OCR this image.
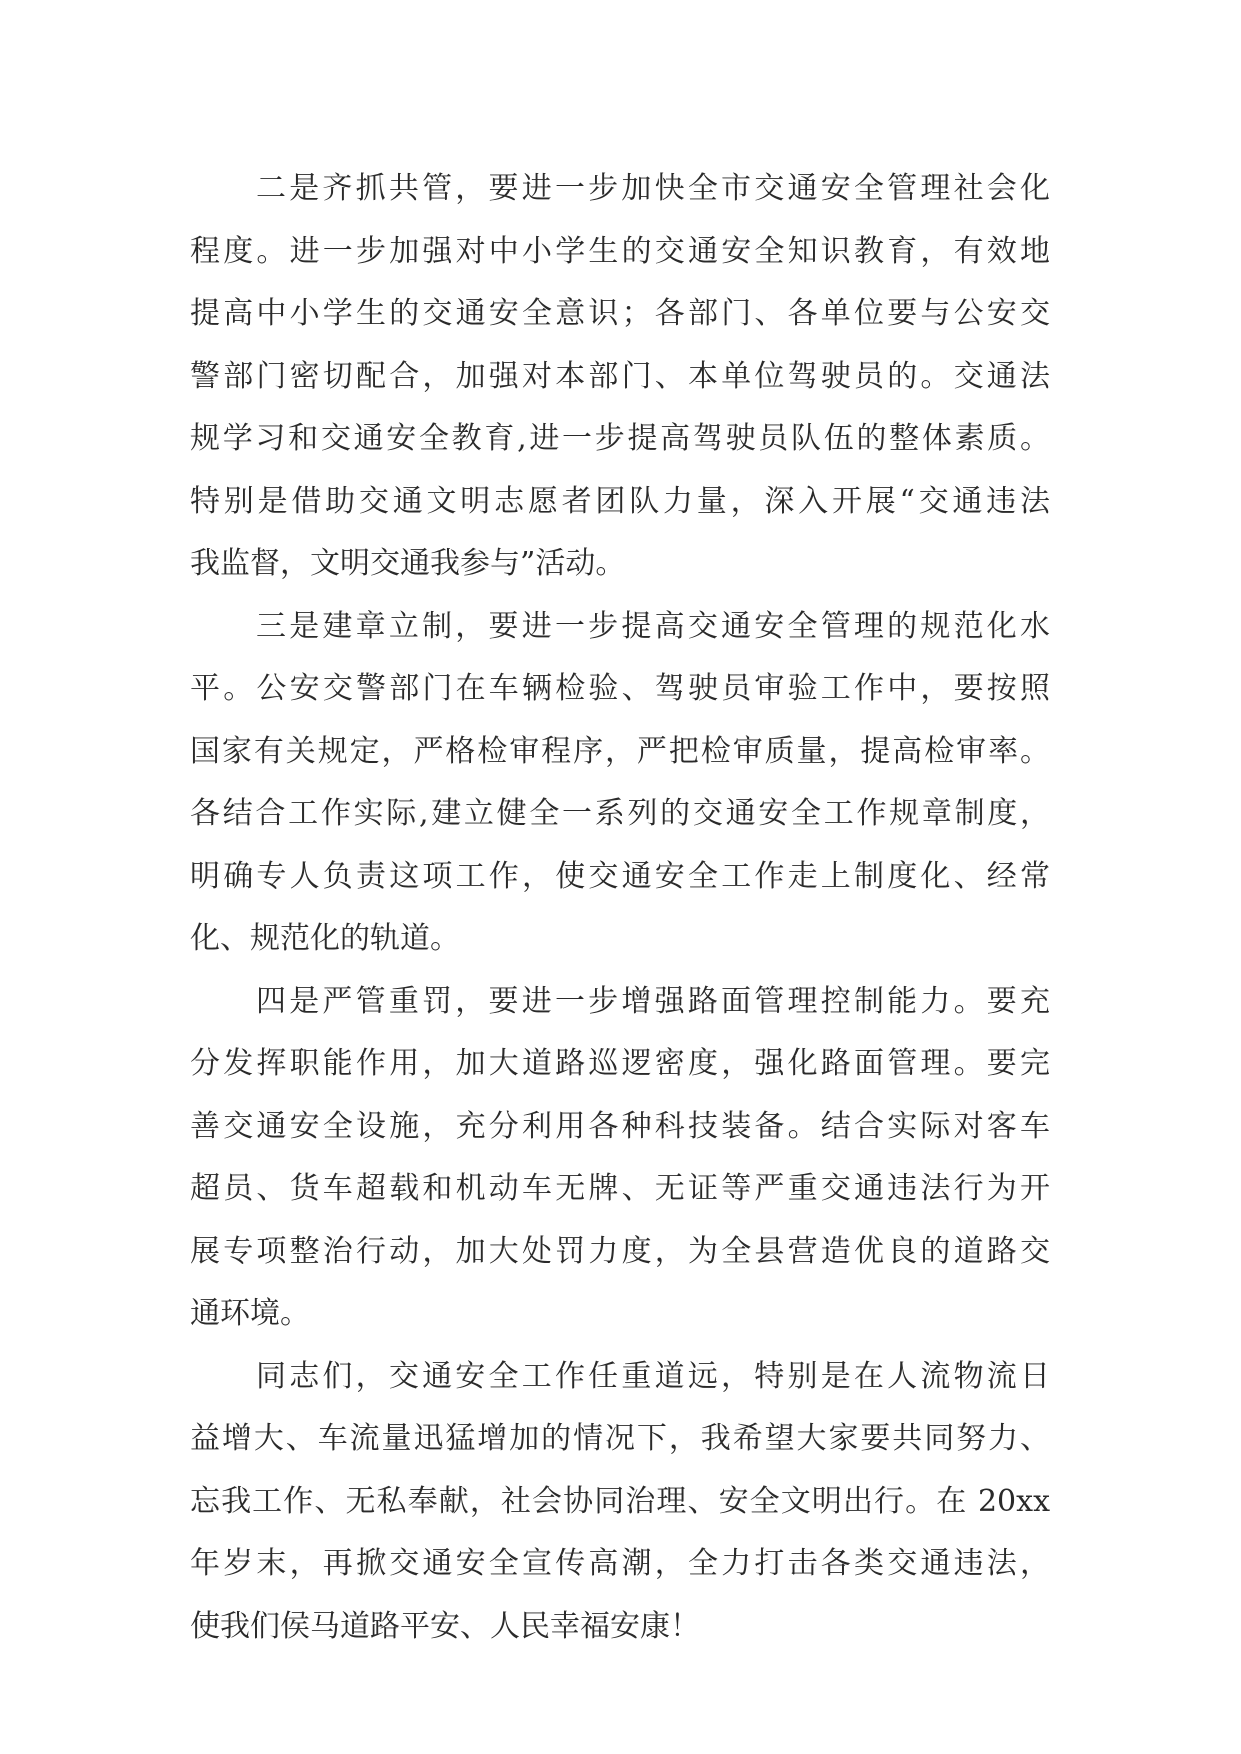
二是齐抓共管，要进一步加快全市交通安全管理社会化
程度。进一步加强对中小学生的交通安全知识教育，有效地
提高中小学生的交通安全意识；各部门、各单位要与公安交
警部门密切配合，加强对本部门、本单位驾驶员的。交通法
规学习和交通安全教育,进一步提高驾驶员队伍的整体素质。
特别是借助交通文明志愿者团队力量，深入开展“交通违法
我监督，文明交通我参与”活动。
三是建章立制，要进一步提高交通安全管理的规范化水
平。公安交警部门在车辆检验、驾驶员审验工作中，要按照
国家有关规定，严格检审程序，严把检审质量，提高检审率。
各结合工作实际,建立健全一系列的交通安全工作规章制度，
明确专人负责这项工作，使交通安全工作走上制度化、经常
化、规范化的轨道。
四是严管重罚，要进一步增强路面管理控制能力。要充
分发挥职能作用，加大道路巡逻密度，强化路面管理。要完
善交通安全设施，充分利用各种科技装备。结合实际对客车
超员、货车超载和机动车无牌、无证等严重交通违法行为开
展专项整治行动，加大处罚力度，为全县营造优良的道路交
通环境。
同志们，交通安全工作任重道远，特别是在人流物流日
益增大、车流量迅猛增加的情况下，我希望大家要共同努力、
忘我工作、无私奉献，社会协同治理、安全文明出行。在 20xx
年岁末，再掀交通安全宣传高潮，全力打击各类交通违法，
使我们侯马道路平安、人民幸福安康！
